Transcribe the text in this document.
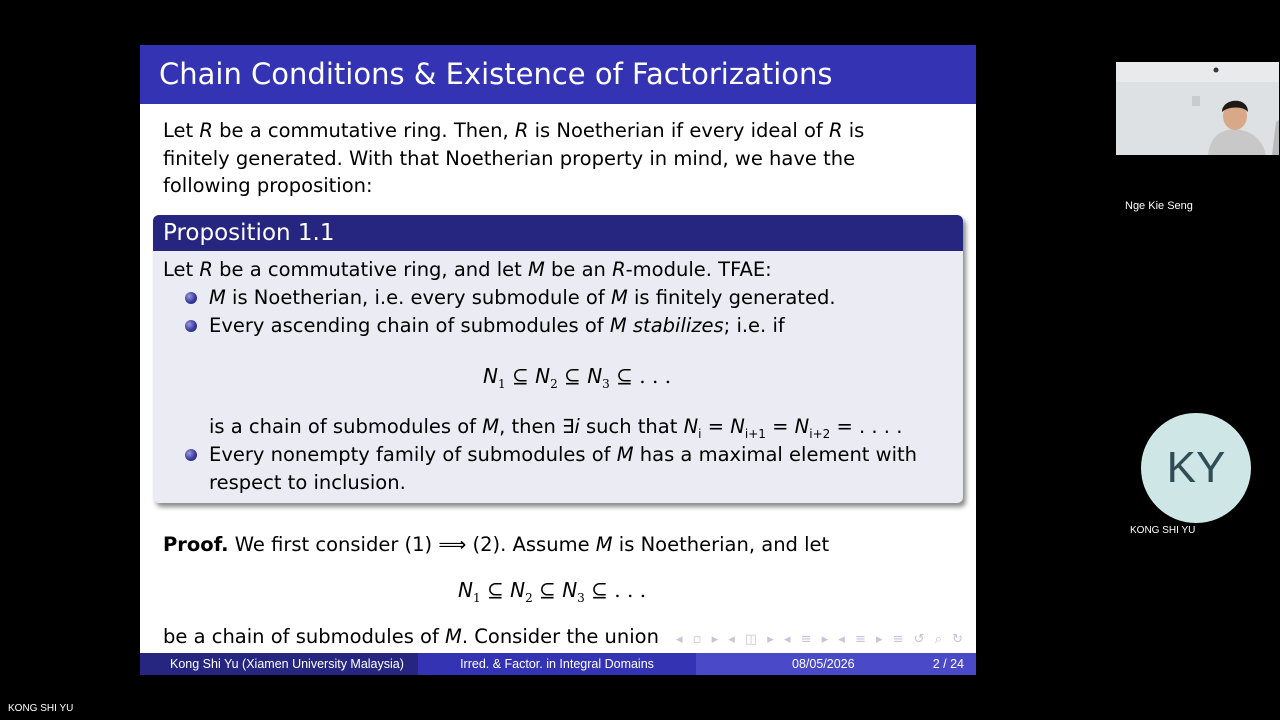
Chain Conditions & Existence of Factorizations
Let R be a commutative ring. Then, R is Noetherian if every ideal of R is
finitely generated. With that Noetherian property in mind, we have the
following proposition:
Proposition 1.1
Let R be a commutative ring, and let M be an R-module. TFAE:
M is Noetherian, i.e. every submodule of M is finitely generated.
Every ascending chain of submodules of M stabilizes; i.e. if
$N_1$ ⊆ $N_2$ ⊆ $N_3$ ⊆ . . .
is a chain of submodules of M, then ∃i such that $N_i = N_{i+1} = N_{i+2}$ = . . . .
Every nonempty family of submodules of M has a maximal element with
respect to inclusion.
Proof. We first consider (1) ⟹ (2). Assume M is Noetherian, and let
$N_1$ ⊆ $N_2$ ⊆ $N_3$ ⊆ . . .
be a chain of submodules of M. Consider the union ◂ ▫ ▸ ◂ ◫ ▸ ◂ ≡ ▸ ◂ ≡ ▸ ≡ ↺ ⌕ ↻
Kong Shi Yu (Xiamen University Malaysia)	Irred. & Factor. in Integral Domains	08/05/2026	2 / 24
Nge Kie Seng
KY
KONG SHI YU
KONG SHI YU
